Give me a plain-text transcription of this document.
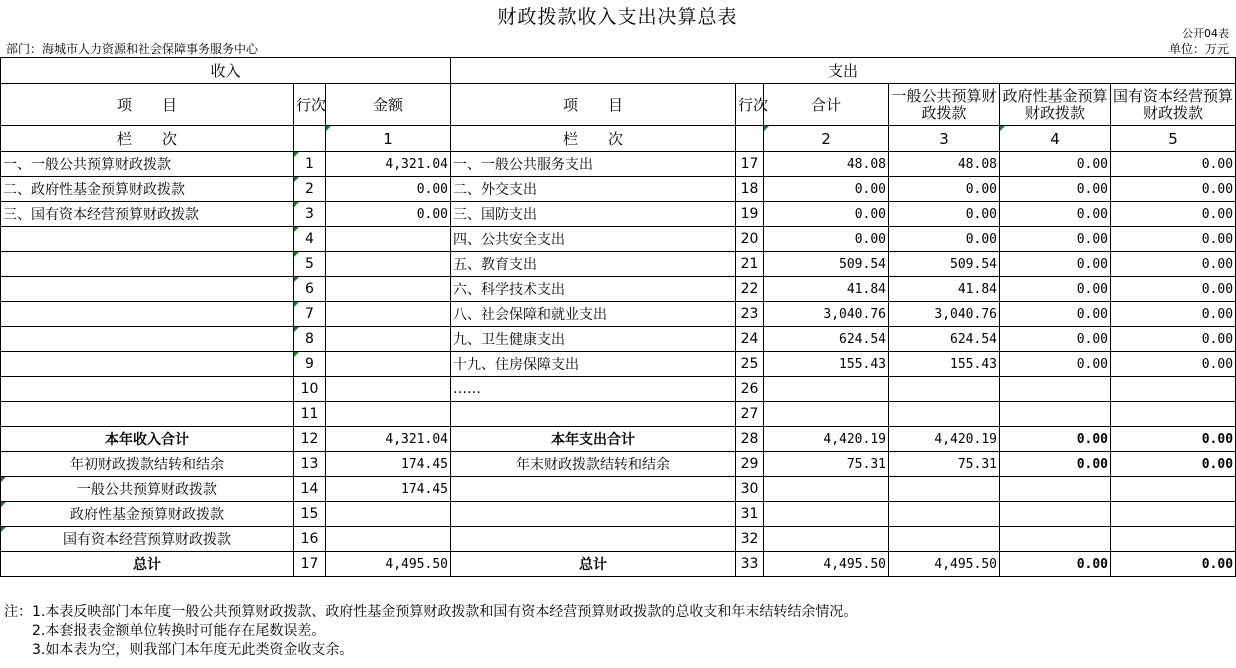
财政拨款收入支出决算总表
公开04表
部门：海城市人力资源和社会保障事务服务中心	单位：万元
收入			支出					
项　　目	行次	金额	项　　目	行次	合计	一般公共预算财政拨款	政府性基金预算财政拨款	国有资本经营预算财政拨款
栏　　次		1	栏　　次		2	3	4	5
一、一般公共预算财政拨款	1	4,321.04	一、一般公共服务支出	17	48.08	48.08	0.00	0.00
二、政府性基金预算财政拨款	2	0.00	二、外交支出	18	0.00	0.00	0.00	0.00
三、国有资本经营预算财政拨款	3	0.00	三、国防支出	19	0.00	0.00	0.00	0.00
	4		四、公共安全支出	20	0.00	0.00	0.00	0.00
	5		五、教育支出	21	509.54	509.54	0.00	0.00
	6		六、科学技术支出	22	41.84	41.84	0.00	0.00
	7		八、社会保障和就业支出	23	3,040.76	3,040.76	0.00	0.00
	8		九、卫生健康支出	24	624.54	624.54	0.00	0.00
	9		十九、住房保障支出	25	155.43	155.43	0.00	0.00
	10		……	26				
	11			27				
本年收入合计	12	4,321.04	本年支出合计	28	4,420.19	4,420.19	0.00	0.00
年初财政拨款结转和结余	13	174.45	年末财政拨款结转和结余	29	75.31	75.31	0.00	0.00
一般公共预算财政拨款	14	174.45		30				
政府性基金预算财政拨款	15			31				
国有资本经营预算财政拨款	16			32				
总计	17	4,495.50	总计	33	4,495.50	4,495.50	0.00	0.00
注：1.本表反映部门本年度一般公共预算财政拨款、政府性基金预算财政拨款和国有资本经营预算财政拨款的总收支和年末结转结余情况。
　　2.本套报表金额单位转换时可能存在尾数误差。
　　3.如本表为空，则我部门本年度无此类资金收支余。
